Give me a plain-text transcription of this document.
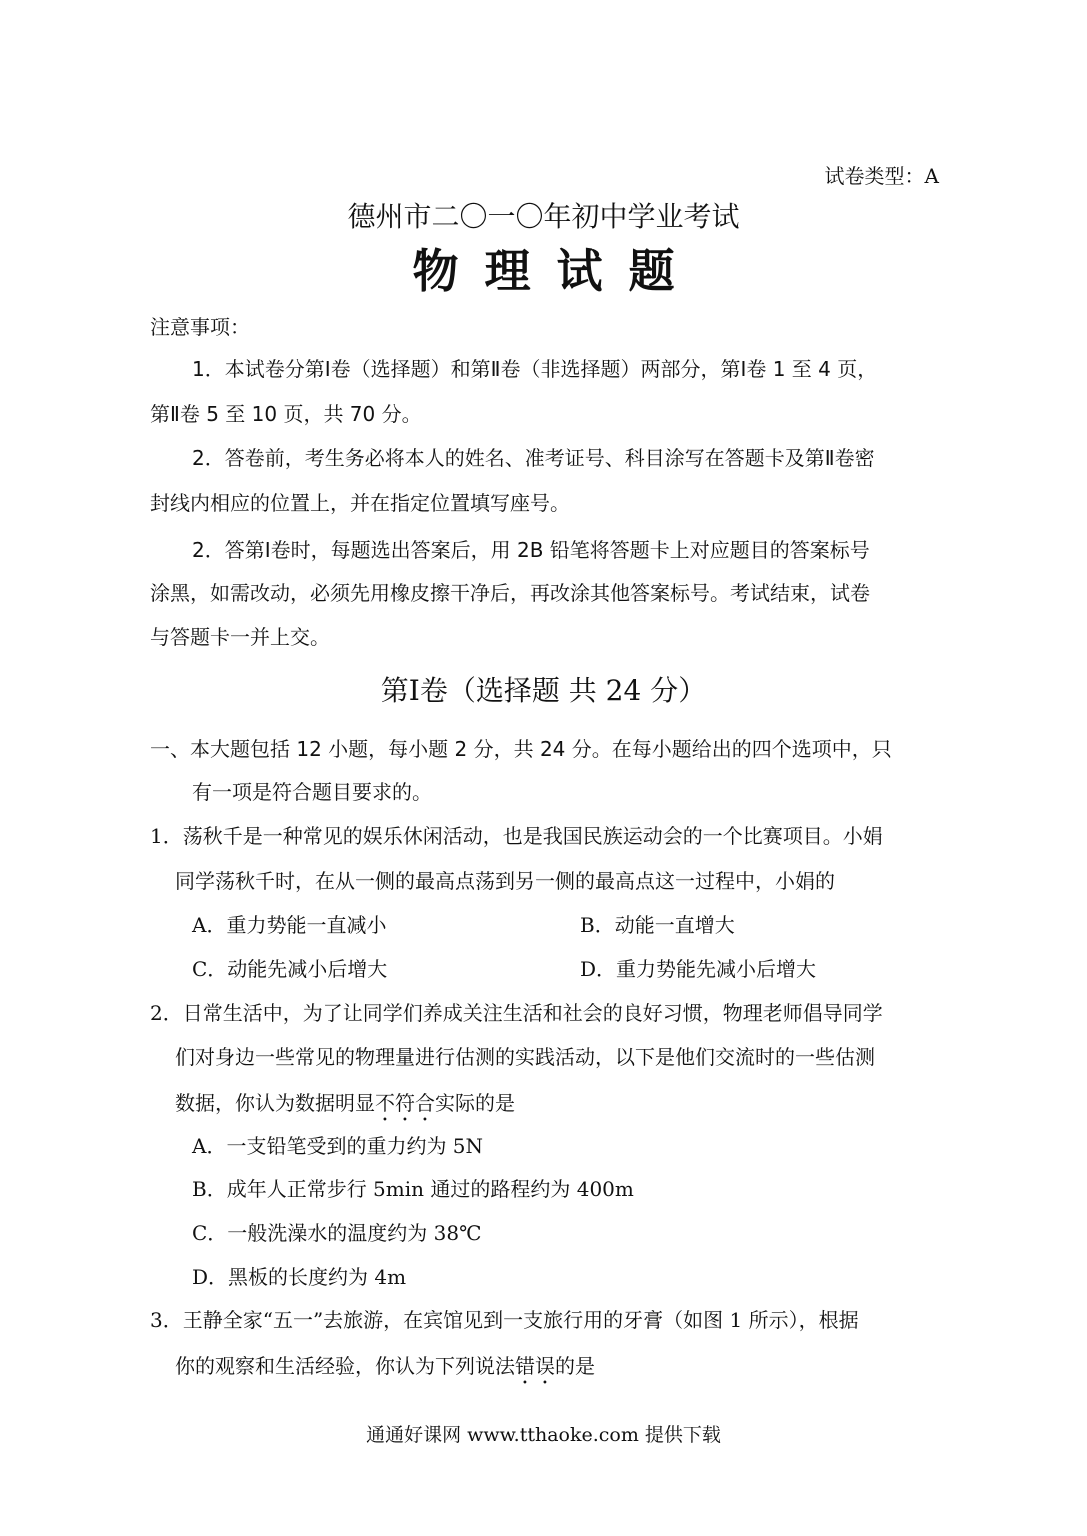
试卷类型：A
德州市二〇一〇年初中学业考试
物理试题
注意事项：
1．本试卷分第Ⅰ卷（选择题）和第Ⅱ卷（非选择题）两部分，第Ⅰ卷 1 至 4 页，
第Ⅱ卷 5 至 10 页，共 70 分。
2．答卷前，考生务必将本人的姓名、准考证号、科目涂写在答题卡及第Ⅱ卷密
封线内相应的位置上，并在指定位置填写座号。
2．答第Ⅰ卷时，每题选出答案后，用 2B 铅笔将答题卡上对应题目的答案标号
涂黑，如需改动，必须先用橡皮擦干净后，再改涂其他答案标号。考试结束，试卷
与答题卡一并上交。
第Ⅰ卷（选择题 共 24 分）
一、本大题包括 12 小题，每小题 2 分，共 24 分。在每小题给出的四个选项中，只
有一项是符合题目要求的。
1．荡秋千是一种常见的娱乐休闲活动，也是我国民族运动会的一个比赛项目。小娟
同学荡秋千时，在从一侧的最高点荡到另一侧的最高点这一过程中，小娟的
A．重力势能一直减小	B．动能一直增大
C．动能先减小后增大	D．重力势能先减小后增大
2．日常生活中，为了让同学们养成关注生活和社会的良好习惯，物理老师倡导同学
们对身边一些常见的物理量进行估测的实践活动，以下是他们交流时的一些估测
数据，你认为数据明显不符合实际的是
A．一支铅笔受到的重力约为 5N
B．成年人正常步行 5min 通过的路程约为 400m
C．一般洗澡水的温度约为 38℃
D．黑板的长度约为 4m
3．王静全家“五一”去旅游，在宾馆见到一支旅行用的牙膏（如图 1 所示），根据
你的观察和生活经验，你认为下列说法错误的是
通通好课网 www.tthaoke.com 提供下载
